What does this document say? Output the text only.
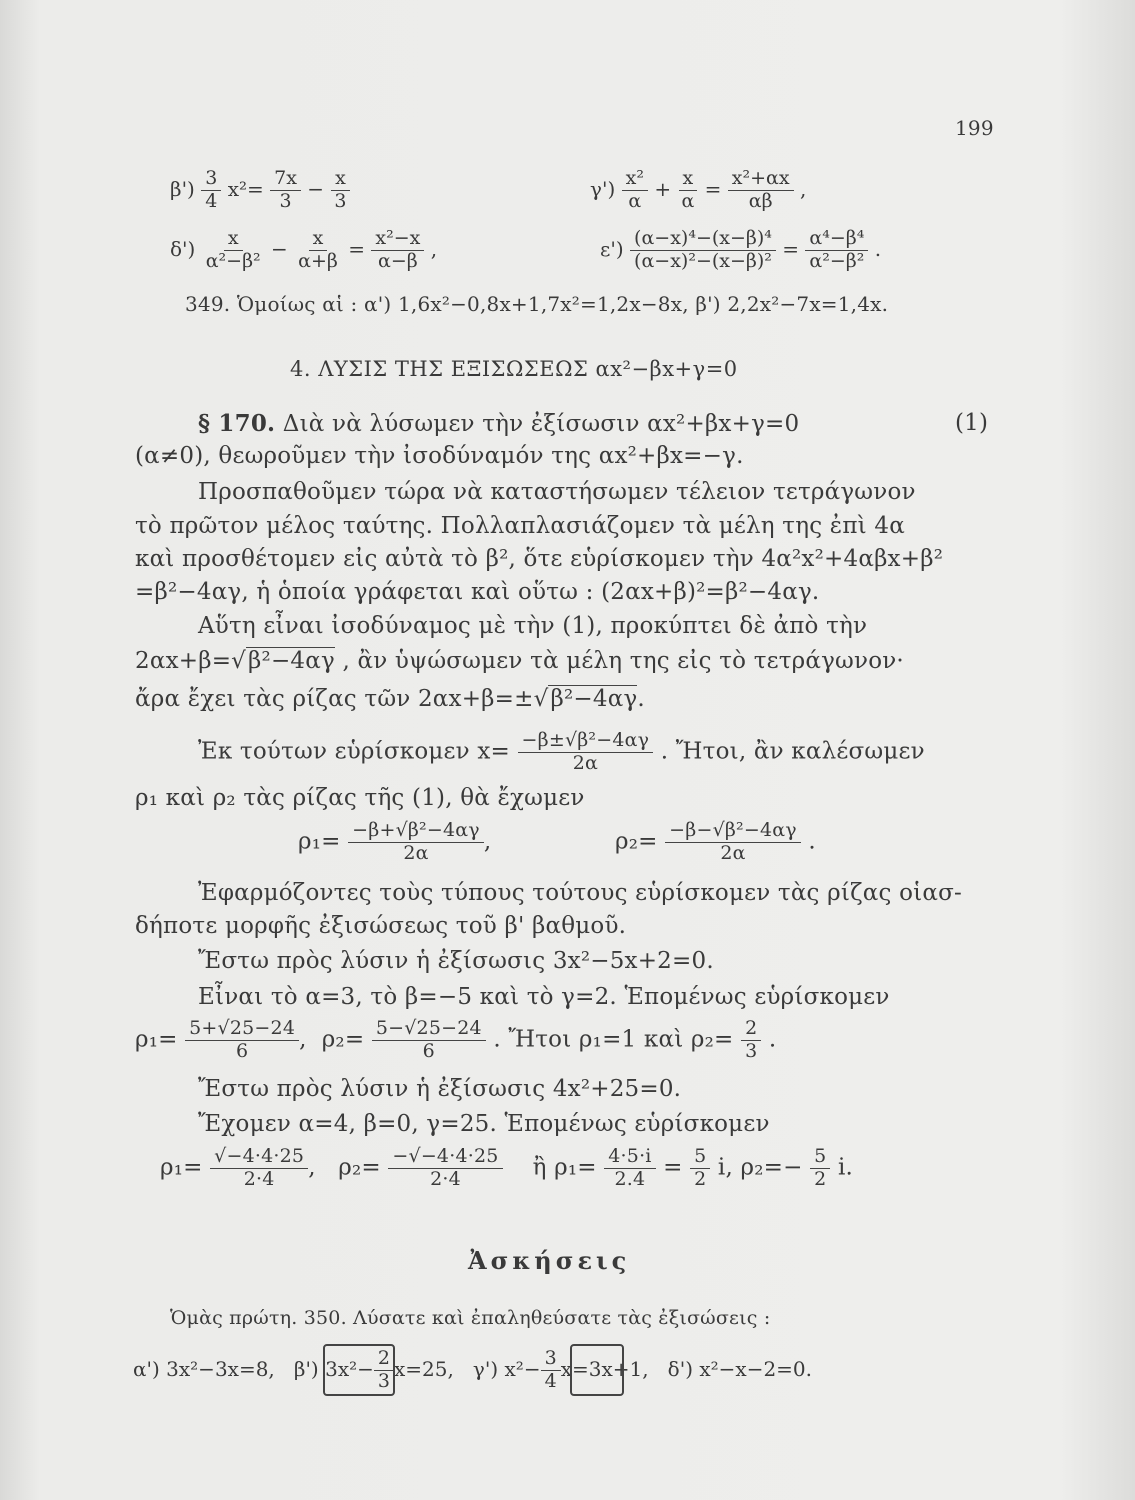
199
$\beta') \frac{3}{4} x^2= \frac{7x}{3} - \frac{x}{3}$	$\gamma') \frac{\text{x²}}{\alpha} + \frac{x}{\alpha} = \frac{\text{x²+αx}}{\alpha\beta}$ ,
$\delta') \frac{x}{\text{α²−β²}} - \frac{x}{\alpha+\beta} = \frac{\text{x²−x}}{\alpha-\beta}$ ,	$\varepsilon') \frac{\text{(α−x)⁴−(x−β)⁴}}{\text{(α−x)²−(x−β)²}} = \frac{\text{α⁴−β⁴}}{\text{α²−β²}}$ .
349. Ὁμοίως αἱ : α') 1,6x²−0,8x+1,7x²=1,2x−8x, β') 2,2x²−7x=1,4x.
4. ΛΥΣΙΣ ΤΗΣ ΕΞΙΣΩΣΕΩΣ αx²−βx+γ=0
§ 170. Διὰ νὰ λύσωμεν τὴν ἐξίσωσιν αx²+βx+γ=0	(1)
(α≠0), θεωροῦμεν τὴν ἰσοδύναμόν της αx²+βx=−γ.
Προσπαθοῦμεν τώρα νὰ καταστήσωμεν τέλειον τετράγωνον
τὸ πρῶτον μέλος ταύτης. Πολλαπλασιάζομεν τὰ μέλη της ἐπὶ 4α
καὶ προσθέτομεν εἰς αὐτὰ τὸ β², ὅτε εὑρίσκομεν τὴν 4α²x²+4αβx+β²
=β²−4αγ, ἡ ὁποία γράφεται καὶ οὕτω : (2αx+β)²=β²−4αγ.
Αὕτη εἶναι ἰσοδύναμος μὲ τὴν (1), προκύπτει δὲ ἀπὸ τὴν
2αx+β=√β²−4αγ , ἂν ὑψώσωμεν τὰ μέλη της εἰς τὸ τετράγωνον·
ἄρα ἔχει τὰς ρίζας τῶν 2αx+β=±√β²−4αγ.
Ἐκ τούτων εὑρίσκομεν $x= \frac{\text{−β±√β²−4αγ}}{2\alpha}$ . Ἤτοι, ἂν καλέσωμεν
ρ₁ καὶ ρ₂ τὰς ρίζας τῆς (1), θὰ ἔχωμεν
$\rho_1= \frac{\text{−β+√β²−4αγ}}{2\alpha}$ ,	$\rho_2= \frac{\text{−β−√β²−4αγ}}{2\alpha}$ .
Ἐφαρμόζοντες τοὺς τύπους τούτους εὑρίσκομεν τὰς ρίζας οἱασ-
δήποτε μορφῆς ἐξισώσεως τοῦ β' βαθμοῦ.
Ἔστω πρὸς λύσιν ἡ ἐξίσωσις 3x²−5x+2=0.
Εἶναι τὸ α=3, τὸ β=−5 καὶ τὸ γ=2. Ἑπομένως εὑρίσκομεν
$\rho_1= \frac{5+√25-24}{6}$ ,  $\rho_2= \frac{5-√25-24}{6}$ . Ἤτοι ρ₁=1 καὶ $\rho_2= \frac{2}{3}$ .
Ἔστω πρὸς λύσιν ἡ ἐξίσωσις 4x²+25=0.
Ἔχομεν α=4, β=0, γ=25. Ἑπομένως εὑρίσκομεν
$\rho_1= \frac{√-4\cdot 4\cdot 25}{2\cdot 4}$ ,   $\rho_2= \frac{-√-4\cdot 4\cdot 25}{2\cdot 4}$ ἢ $\rho_1= \frac{4\cdot 5\cdot i}{2.4} = \frac{5}{2} i$, $\rho_2=- \frac{5}{2} i$.
Ἀσκήσεις
Ὁμὰς πρώτη. 350. Λύσατε καὶ ἐπαληθεύσατε τὰς ἐξισώσεις :
α') 3x²−3x=8, β') $3x^2- \frac{2}{3} x=25$, γ') $x^2- \frac{3}{4} x=3x+1$, δ') x²−x−2=0.
